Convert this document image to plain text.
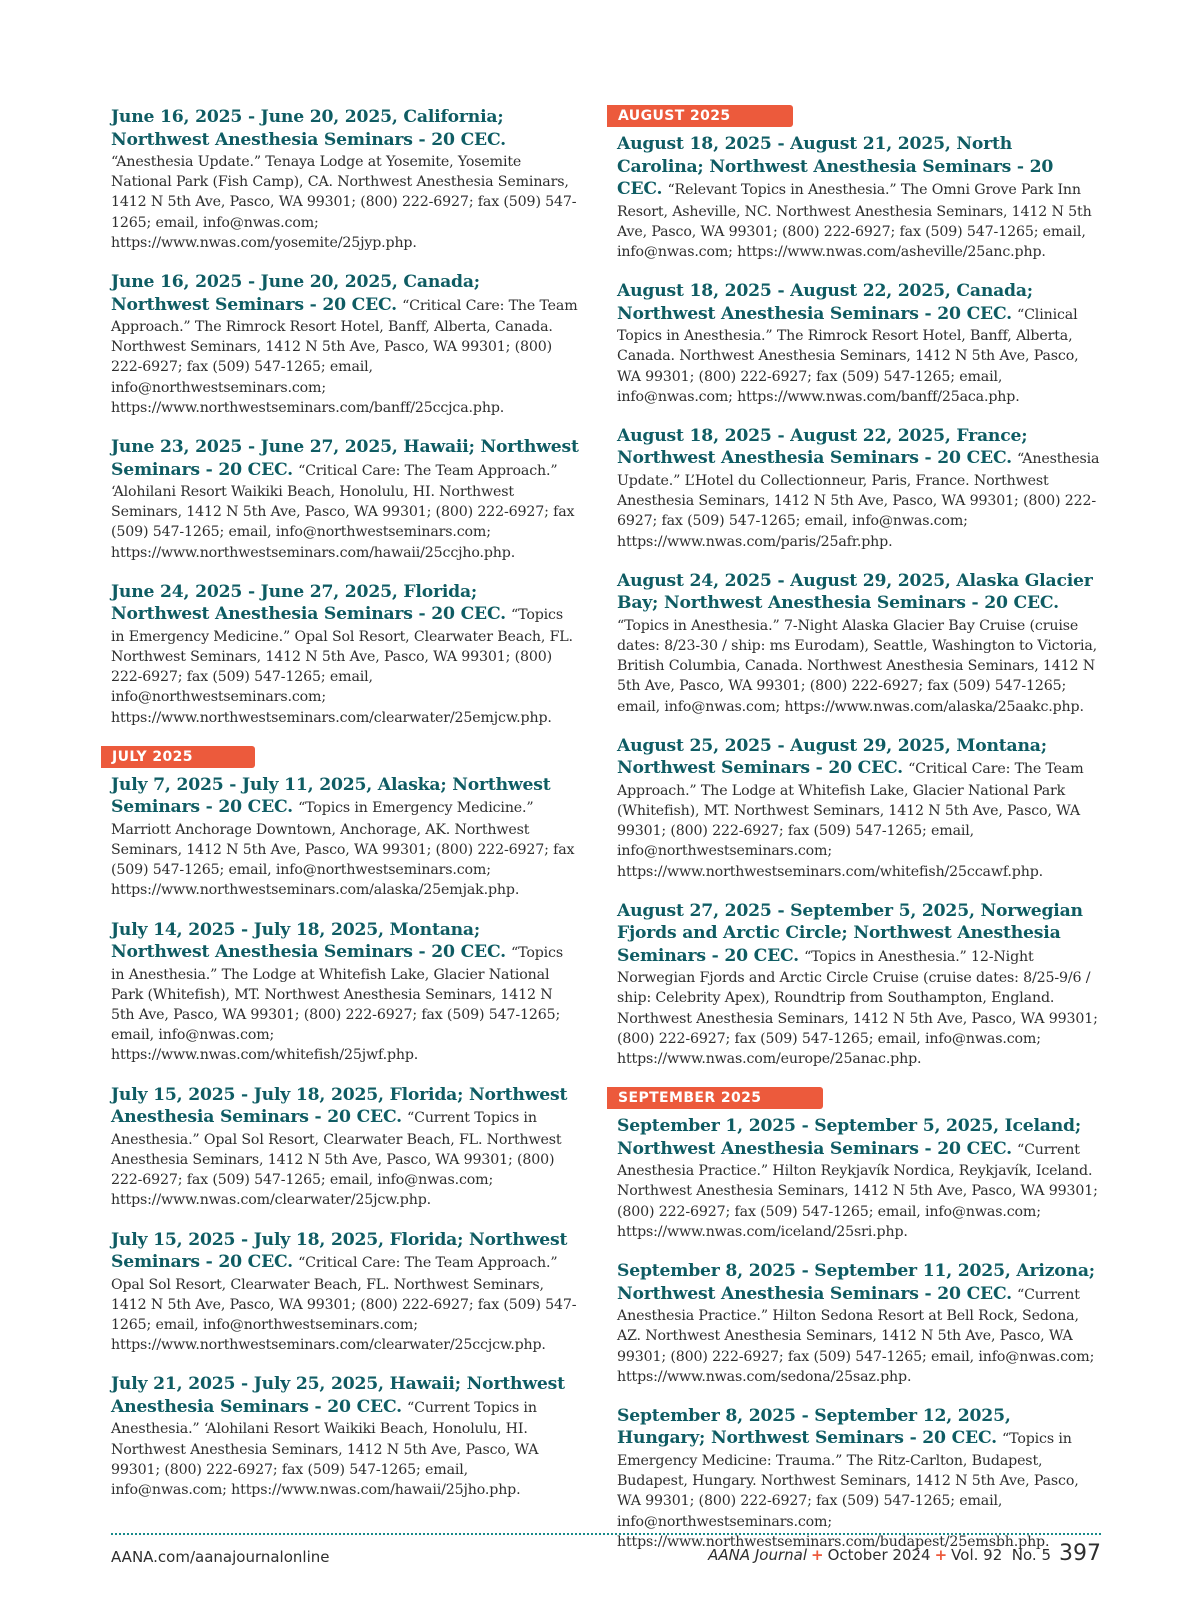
June 16, 2025 - June 20, 2025, California; Northwest Anesthesia Seminars - 20 CEC. “Anesthesia Update.” Tenaya Lodge at Yosemite, Yosemite National Park (Fish Camp), CA. Northwest Anesthesia Seminars, 1412 N 5th Ave, Pasco, WA 99301; (800) 222-6927; fax (509) 547-1265; email, info@nwas.com; https://www.nwas.com/yosemite/25jyp.php.
June 16, 2025 - June 20, 2025, Canada; Northwest Seminars - 20 CEC. “Critical Care: The Team Approach.” The Rimrock Resort Hotel, Banff, Alberta, Canada. Northwest Seminars, 1412 N 5th Ave, Pasco, WA 99301; (800) 222-6927; fax (509) 547-1265; email, info@northwestseminars.com; https://www.northwestseminars.com/banff/25ccjca.php.
June 23, 2025 - June 27, 2025, Hawaii; Northwest Seminars - 20 CEC. “Critical Care: The Team Approach.” ‘Alohilani Resort Waikiki Beach, Honolulu, HI. Northwest Seminars, 1412 N 5th Ave, Pasco, WA 99301; (800) 222-6927; fax (509) 547-1265; email, info@northwestseminars.com; https://www.northwestseminars.com/hawaii/25ccjho.php.
June 24, 2025 - June 27, 2025, Florida; Northwest Anesthesia Seminars - 20 CEC. “Topics in Emergency Medicine.” Opal Sol Resort, Clearwater Beach, FL. Northwest Seminars, 1412 N 5th Ave, Pasco, WA 99301; (800) 222-6927; fax (509) 547-1265; email, info@northwestseminars.com; https://www.northwestseminars.com/clearwater/25emjcw.php.
JULY 2025
July 7, 2025 - July 11, 2025, Alaska; Northwest Seminars - 20 CEC. “Topics in Emergency Medicine.” Marriott Anchorage Downtown, Anchorage, AK. Northwest Seminars, 1412 N 5th Ave, Pasco, WA 99301; (800) 222-6927; fax (509) 547-1265; email, info@northwestseminars.com; https://www.northwestseminars.com/alaska/25emjak.php.
July 14, 2025 - July 18, 2025, Montana; Northwest Anesthesia Seminars - 20 CEC. “Topics in Anesthesia.” The Lodge at Whitefish Lake, Glacier National Park (Whitefish), MT. Northwest Anesthesia Seminars, 1412 N 5th Ave, Pasco, WA 99301; (800) 222-6927; fax (509) 547-1265; email, info@nwas.com; https://www.nwas.com/whitefish/25jwf.php.
July 15, 2025 - July 18, 2025, Florida; Northwest Anesthesia Seminars - 20 CEC. “Current Topics in Anesthesia.” Opal Sol Resort, Clearwater Beach, FL. Northwest Anesthesia Seminars, 1412 N 5th Ave, Pasco, WA 99301; (800) 222-6927; fax (509) 547-1265; email, info@nwas.com; https://www.nwas.com/clearwater/25jcw.php.
July 15, 2025 - July 18, 2025, Florida; Northwest Seminars - 20 CEC. “Critical Care: The Team Approach.” Opal Sol Resort, Clearwater Beach, FL. Northwest Seminars, 1412 N 5th Ave, Pasco, WA 99301; (800) 222-6927; fax (509) 547-1265; email, info@northwestseminars.com; https://www.northwestseminars.com/clearwater/25ccjcw.php.
July 21, 2025 - July 25, 2025, Hawaii; Northwest Anesthesia Seminars - 20 CEC. “Current Topics in Anesthesia.” ‘Alohilani Resort Waikiki Beach, Honolulu, HI. Northwest Anesthesia Seminars, 1412 N 5th Ave, Pasco, WA 99301; (800) 222-6927; fax (509) 547-1265; email, info@nwas.com; https://www.nwas.com/hawaii/25jho.php.
AUGUST 2025
August 18, 2025 - August 21, 2025, North Carolina; Northwest Anesthesia Seminars - 20 CEC. “Relevant Topics in Anesthesia.” The Omni Grove Park Inn Resort, Asheville, NC. Northwest Anesthesia Seminars, 1412 N 5th Ave, Pasco, WA 99301; (800) 222-6927; fax (509) 547-1265; email, info@nwas.com; https://www.nwas.com/asheville/25anc.php.
August 18, 2025 - August 22, 2025, Canada; Northwest Anesthesia Seminars - 20 CEC. “Clinical Topics in Anesthesia.” The Rimrock Resort Hotel, Banff, Alberta, Canada. Northwest Anesthesia Seminars, 1412 N 5th Ave, Pasco, WA 99301; (800) 222-6927; fax (509) 547-1265; email, info@nwas.com; https://www.nwas.com/banff/25aca.php.
August 18, 2025 - August 22, 2025, France; Northwest Anesthesia Seminars - 20 CEC. “Anesthesia Update.” L’Hotel du Collectionneur, Paris, France. Northwest Anesthesia Seminars, 1412 N 5th Ave, Pasco, WA 99301; (800) 222-6927; fax (509) 547-1265; email, info@nwas.com; https://www.nwas.com/paris/25afr.php.
August 24, 2025 - August 29, 2025, Alaska Glacier Bay; Northwest Anesthesia Seminars - 20 CEC. “Topics in Anesthesia.” 7-Night Alaska Glacier Bay Cruise (cruise dates: 8/23-30 / ship: ms Eurodam), Seattle, Washington to Victoria, British Columbia, Canada. Northwest Anesthesia Seminars, 1412 N 5th Ave, Pasco, WA 99301; (800) 222-6927; fax (509) 547-1265; email, info@nwas.com; https://www.nwas.com/alaska/25aakc.php.
August 25, 2025 - August 29, 2025, Montana; Northwest Seminars - 20 CEC. “Critical Care: The Team Approach.” The Lodge at Whitefish Lake, Glacier National Park (Whitefish), MT. Northwest Seminars, 1412 N 5th Ave, Pasco, WA 99301; (800) 222-6927; fax (509) 547-1265; email, info@northwestseminars.com; https://www.northwestseminars.com/whitefish/25ccawf.php.
August 27, 2025 - September 5, 2025, Norwegian Fjords and Arctic Circle; Northwest Anesthesia Seminars - 20 CEC. “Topics in Anesthesia.” 12-Night Norwegian Fjords and Arctic Circle Cruise (cruise dates: 8/25-9/6 / ship: Celebrity Apex), Roundtrip from Southampton, England. Northwest Anesthesia Seminars, 1412 N 5th Ave, Pasco, WA 99301; (800) 222-6927; fax (509) 547-1265; email, info@nwas.com; https://www.nwas.com/europe/25anac.php.
SEPTEMBER 2025
September 1, 2025 - September 5, 2025, Iceland; Northwest Anesthesia Seminars - 20 CEC. “Current Anesthesia Practice.” Hilton Reykjavík Nordica, Reykjavík, Iceland. Northwest Anesthesia Seminars, 1412 N 5th Ave, Pasco, WA 99301; (800) 222-6927; fax (509) 547-1265; email, info@nwas.com; https://www.nwas.com/iceland/25sri.php.
September 8, 2025 - September 11, 2025, Arizona; Northwest Anesthesia Seminars - 20 CEC. “Current Anesthesia Practice.” Hilton Sedona Resort at Bell Rock, Sedona, AZ. Northwest Anesthesia Seminars, 1412 N 5th Ave, Pasco, WA 99301; (800) 222-6927; fax (509) 547-1265; email, info@nwas.com; https://www.nwas.com/sedona/25saz.php.
September 8, 2025 - September 12, 2025, Hungary; Northwest Seminars - 20 CEC. “Topics in Emergency Medicine: Trauma.” The Ritz-Carlton, Budapest, Budapest, Hungary. Northwest Seminars, 1412 N 5th Ave, Pasco, WA 99301; (800) 222-6927; fax (509) 547-1265; email, info@northwestseminars.com; https://www.northwestseminars.com/budapest/25emsbh.php.
AANA.com/aanajournalonline	AANA Journal + October 2024 + Vol. 92  No. 5 397
